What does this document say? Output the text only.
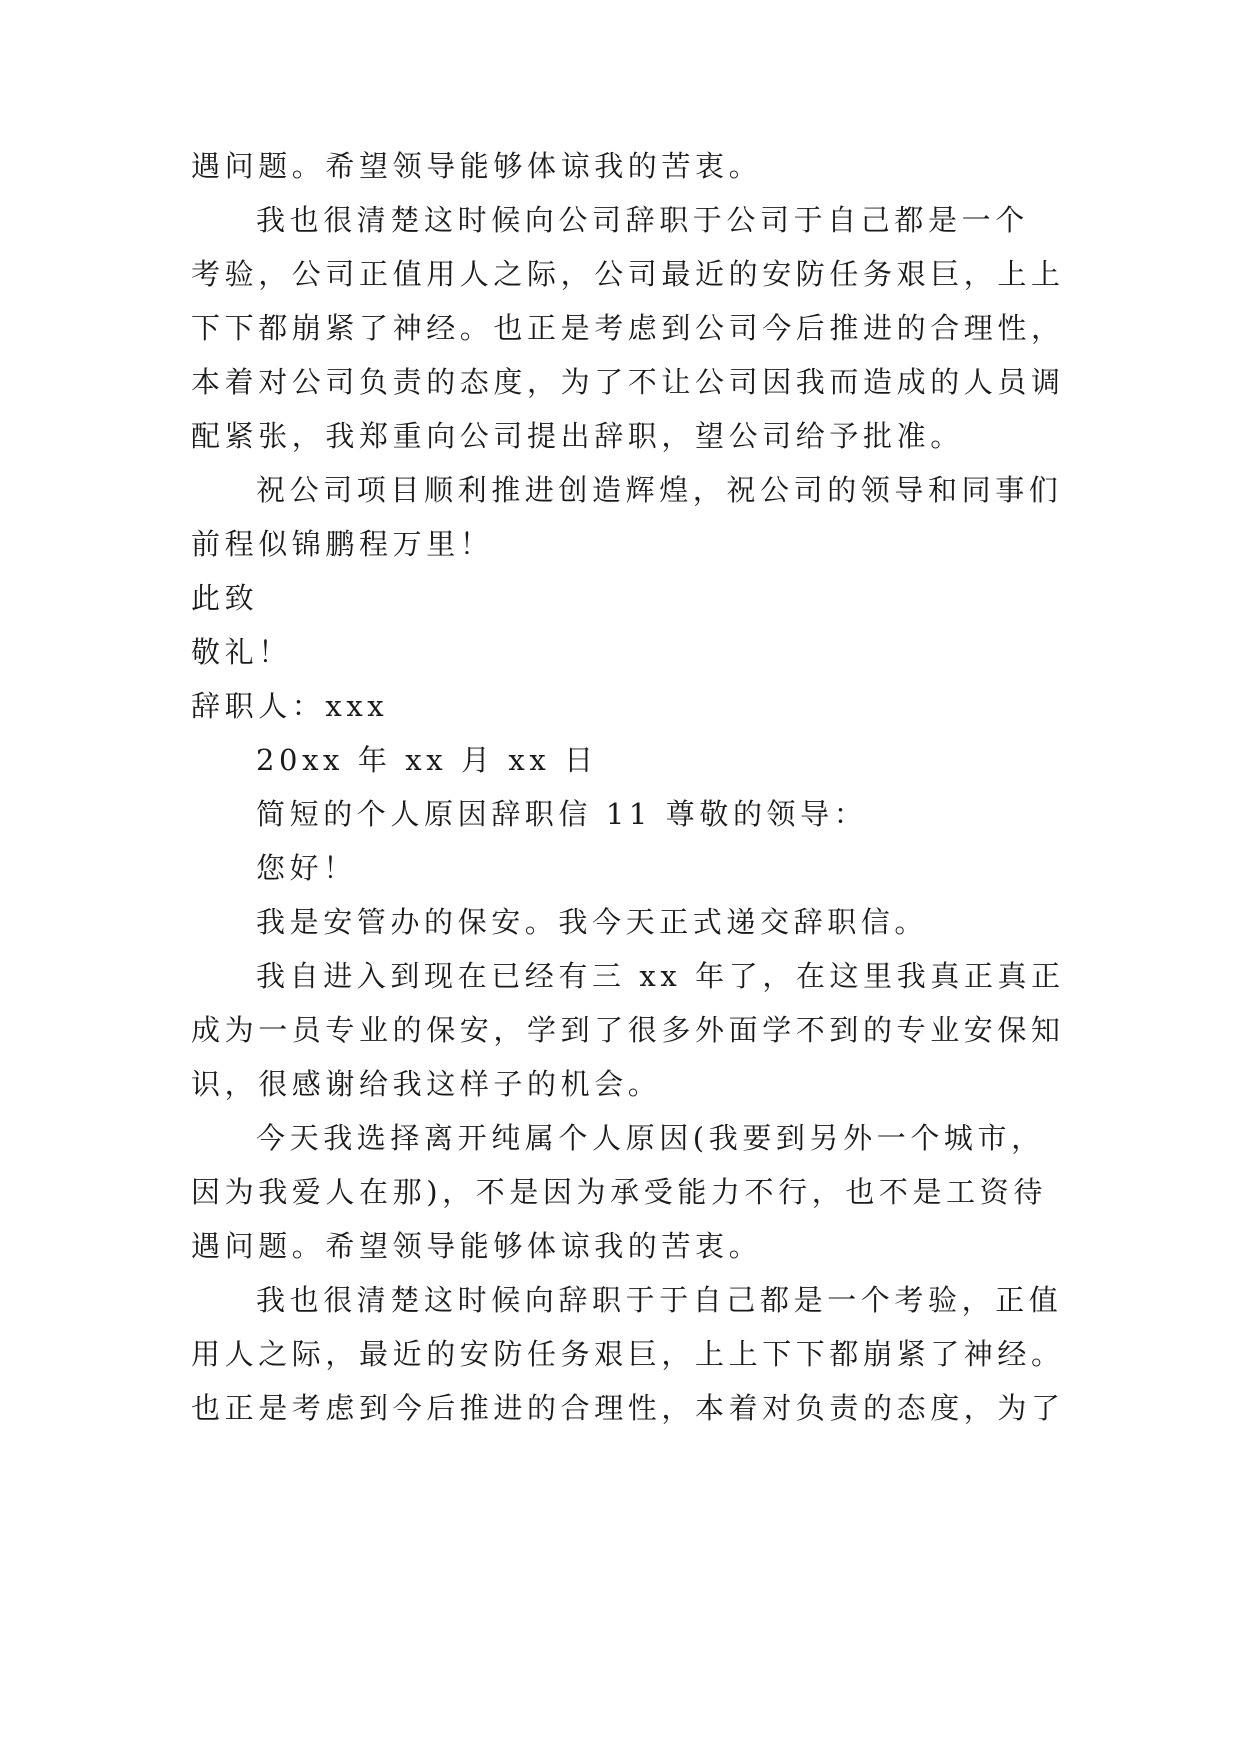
遇问题。希望领导能够体谅我的苦衷。
我也很清楚这时候向公司辞职于公司于自己都是一个
考验，公司正值用人之际，公司最近的安防任务艰巨，上上
下下都崩紧了神经。也正是考虑到公司今后推进的合理性，
本着对公司负责的态度，为了不让公司因我而造成的人员调
配紧张，我郑重向公司提出辞职，望公司给予批准。
祝公司项目顺利推进创造辉煌，祝公司的领导和同事们
前程似锦鹏程万里！
此致
敬礼！
辞职人：xxx
20xx 年 xx 月 xx 日
简短的个人原因辞职信 11 尊敬的领导：
您好！
我是安管办的保安。我今天正式递交辞职信。
我自进入到现在已经有三 xx 年了，在这里我真正真正
成为一员专业的保安，学到了很多外面学不到的专业安保知
识，很感谢给我这样子的机会。
今天我选择离开纯属个人原因(我要到另外一个城市，
因为我爱人在那)，不是因为承受能力不行，也不是工资待
遇问题。希望领导能够体谅我的苦衷。
我也很清楚这时候向辞职于于自己都是一个考验，正值
用人之际，最近的安防任务艰巨，上上下下都崩紧了神经。
也正是考虑到今后推进的合理性，本着对负责的态度，为了
